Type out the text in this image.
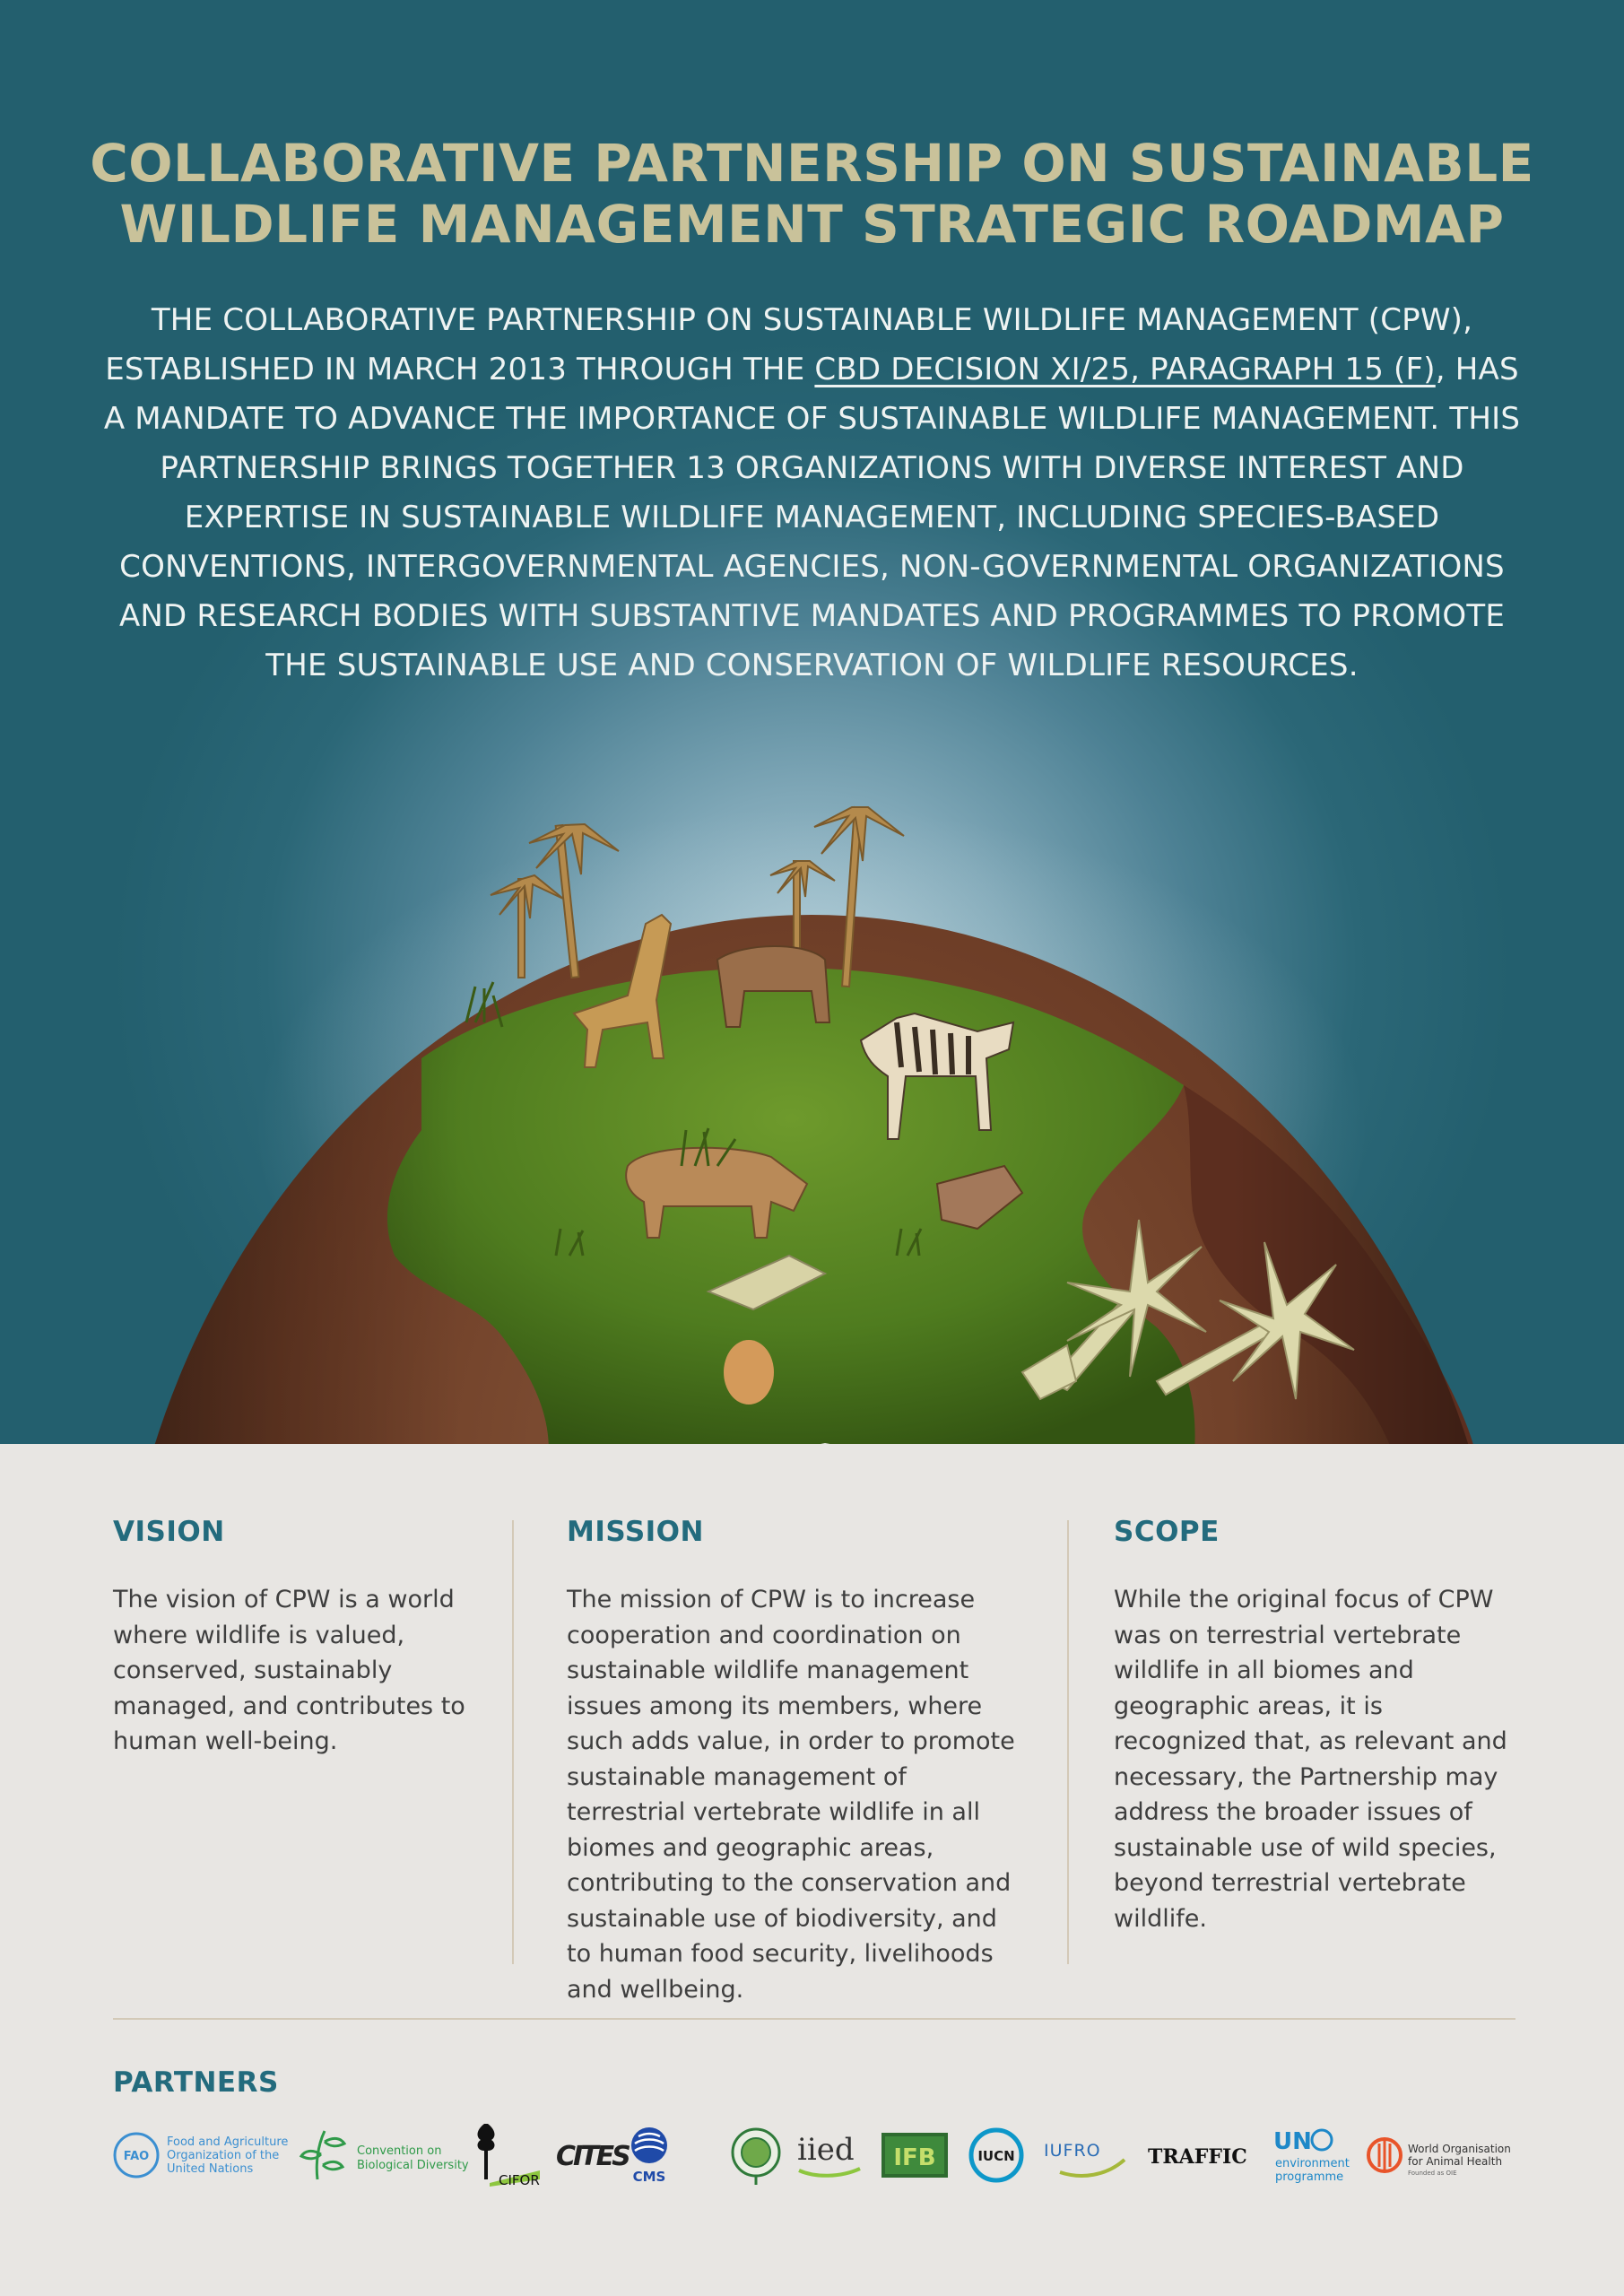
COLLABORATIVE PARTNERSHIP ON SUSTAINABLE
WILDLIFE MANAGEMENT STRATEGIC ROADMAP

THE COLLABORATIVE PARTNERSHIP ON SUSTAINABLE WILDLIFE MANAGEMENT (CPW), ESTABLISHED IN MARCH 2013 THROUGH THE CBD DECISION XI/25, PARAGRAPH 15 (F), HAS A MANDATE TO ADVANCE THE IMPORTANCE OF SUSTAINABLE WILDLIFE MANAGEMENT. THIS PARTNERSHIP BRINGS TOGETHER 13 ORGANIZATIONS WITH DIVERSE INTEREST AND EXPERTISE IN SUSTAINABLE WILDLIFE MANAGEMENT, INCLUDING SPECIES-BASED CONVENTIONS, INTERGOVERNMENTAL AGENCIES, NON-GOVERNMENTAL ORGANIZATIONS AND RESEARCH BODIES WITH SUBSTANTIVE MANDATES AND PROGRAMMES TO PROMOTE THE SUSTAINABLE USE AND CONSERVATION OF WILDLIFE RESOURCES.

VISION

The vision of CPW is a world where wildlife is valued, conserved, sustainably managed, and contributes to human well-being.

MISSION

The mission of CPW is to increase cooperation and coordination on sustainable wildlife management issues among its members, where such adds value, in order to promote sustainable management of terrestrial vertebrate wildlife in all biomes and geographic areas, contributing to the conservation and sustainable use of biodiversity, and to human food security, livelihoods and wellbeing.

SCOPE

While the original focus of CPW was on terrestrial vertebrate wildlife in all biomes and geographic areas, it is recognized that, as relevant and necessary, the Partnership may address the broader issues of sustainable use of wild species, beyond terrestrial vertebrate wildlife.

PARTNERS
FAO
Food and Agriculture
Organization of the
United Nations
Convention on
Biological Diversity
CIFOR
CITES
CMS
iied IFB	IUCN IUFRO TRAFFIC
UN
environment
programme
World Organisation
for Animal Health
Founded as OIE
